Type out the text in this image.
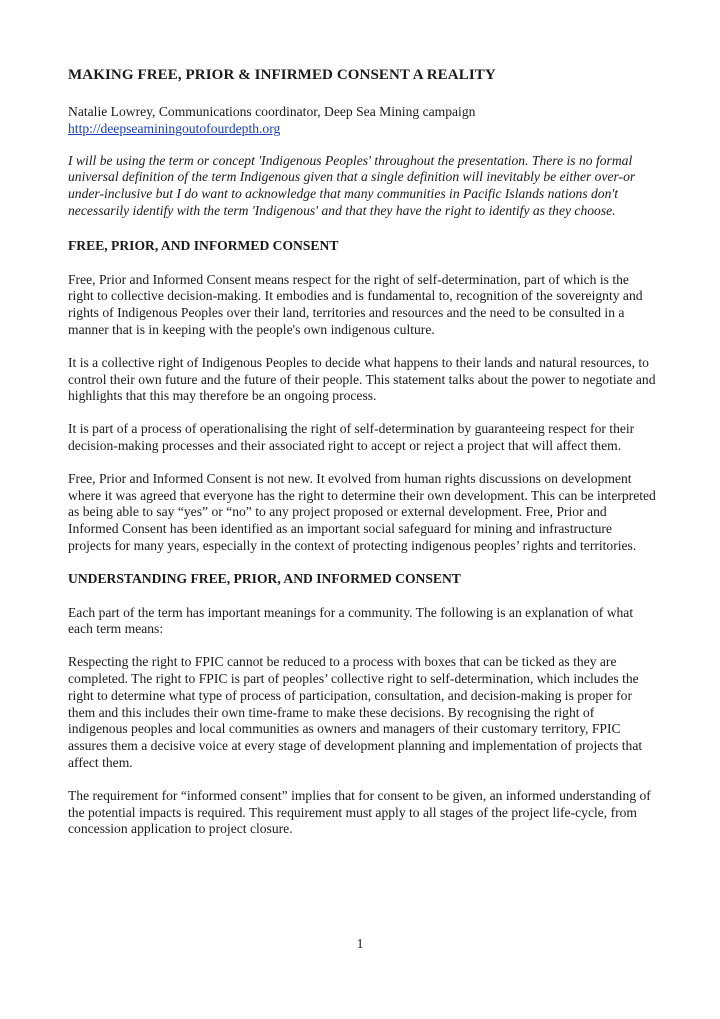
MAKING FREE, PRIOR & INFIRMED CONSENT A REALITY
Natalie Lowrey, Communications coordinator, Deep Sea Mining campaign
http://deepseaminingoutofourdepth.org

I will be using the term or concept 'Indigenous Peoples' throughout the presentation. There is no formal universal definition of the term Indigenous given that a single definition will inevitably be either over-or under-inclusive but I do want to acknowledge that many communities in Pacific Islands nations don't necessarily identify with the term 'Indigenous' and that they have the right to identify as they choose.

FREE, PRIOR, AND INFORMED CONSENT

Free, Prior and Informed Consent means respect for the right of self-determination, part of which is the right to collective decision-making. It embodies and is fundamental to, recognition of the sovereignty and rights of Indigenous Peoples over their land, territories and resources and the need to be consulted in a manner that is in keeping with the people's own indigenous culture.

It is a collective right of Indigenous Peoples to decide what happens to their lands and natural resources, to control their own future and the future of their people. This statement talks about the power to negotiate and highlights that this may therefore be an ongoing process.

It is part of a process of operationalising the right of self-determination by guaranteeing respect for their decision-making processes and their associated right to accept or reject a project that will affect them.

Free, Prior and Informed Consent is not new. It evolved from human rights discussions on development where it was agreed that everyone has the right to determine their own development. This can be interpreted as being able to say “yes” or “no” to any project proposed or external development. Free, Prior and Informed Consent has been identified as an important social safeguard for mining and infrastructure projects for many years, especially in the context of protecting indigenous peoples’ rights and territories.

UNDERSTANDING FREE, PRIOR, AND INFORMED CONSENT

Each part of the term has important meanings for a community. The following is an explanation of what each term means:

Respecting the right to FPIC cannot be reduced to a process with boxes that can be ticked as they are completed. The right to FPIC is part of peoples’ collective right to self-determination, which includes the right to determine what type of process of participation, consultation, and decision-making is proper for them and this includes their own time-frame to make these decisions. By recognising the right of indigenous peoples and local communities as owners and managers of their customary territory, FPIC assures them a decisive voice at every stage of development planning and implementation of projects that affect them.

The requirement for “informed consent” implies that for consent to be given, an informed understanding of the potential impacts is required. This requirement must apply to all stages of the project life-cycle, from concession application to project closure.

1
